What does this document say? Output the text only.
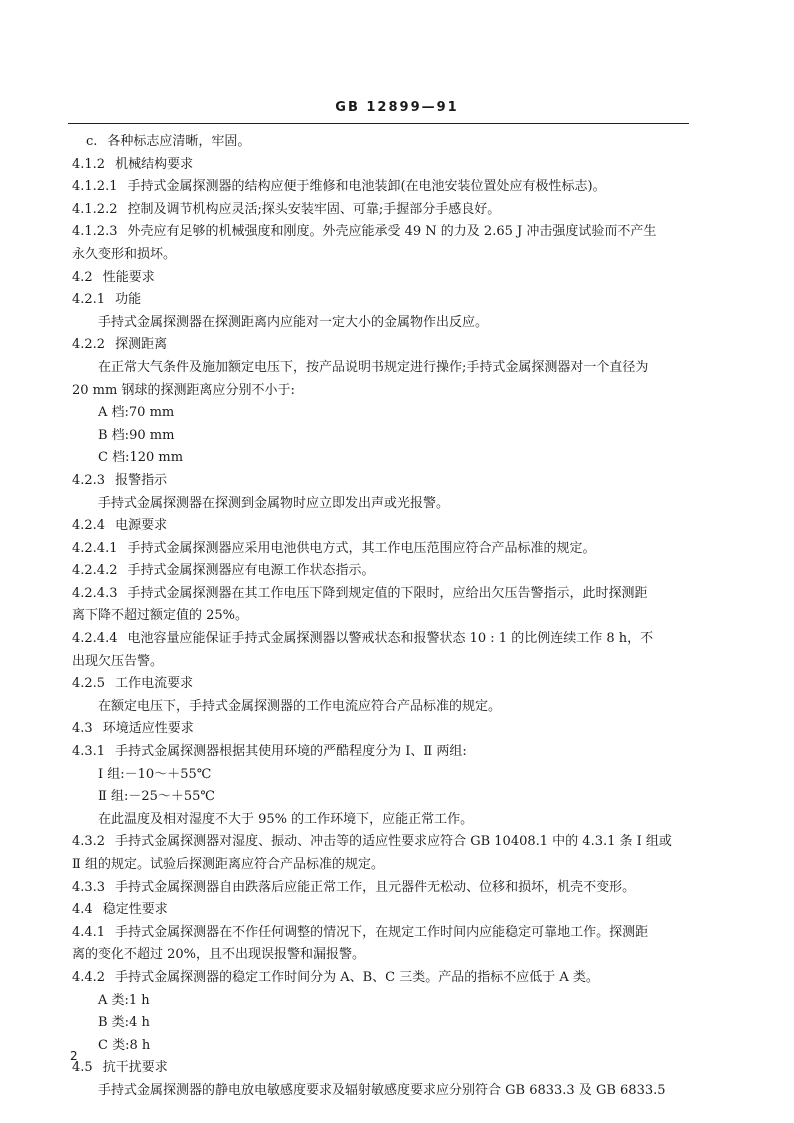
GB 12899—91
c. 各种标志应清晰，牢固。
4.1.2 机械结构要求
4.1.2.1 手持式金属探测器的结构应便于维修和电池装卸(在电池安装位置处应有极性标志)。
4.1.2.2 控制及调节机构应灵活;探头安装牢固、可靠;手握部分手感良好。
4.1.2.3 外壳应有足够的机械强度和刚度。外壳应能承受 49 N 的力及 2.65 J 冲击强度试验而不产生
永久变形和损坏。
4.2 性能要求
4.2.1 功能
手持式金属探测器在探测距离内应能对一定大小的金属物作出反应。
4.2.2 探测距离
在正常大气条件及施加额定电压下，按产品说明书规定进行操作;手持式金属探测器对一个直径为
20 mm 钢球的探测距离应分别不小于:
A 档:70 mm
B 档:90 mm
C 档:120 mm
4.2.3 报警指示
手持式金属探测器在探测到金属物时应立即发出声或光报警。
4.2.4 电源要求
4.2.4.1 手持式金属探测器应采用电池供电方式，其工作电压范围应符合产品标准的规定。
4.2.4.2 手持式金属探测器应有电源工作状态指示。
4.2.4.3 手持式金属探测器在其工作电压下降到规定值的下限时，应给出欠压告警指示，此时探测距
离下降不超过额定值的 25%。
4.2.4.4 电池容量应能保证手持式金属探测器以警戒状态和报警状态 10 : 1 的比例连续工作 8 h，不
出现欠压告警。
4.2.5 工作电流要求
在额定电压下，手持式金属探测器的工作电流应符合产品标准的规定。
4.3 环境适应性要求
4.3.1 手持式金属探测器根据其使用环境的严酷程度分为 Ⅰ、Ⅱ 两组:
Ⅰ 组:－10～＋55℃
Ⅱ 组:－25～＋55℃
在此温度及相对湿度不大于 95% 的工作环境下，应能正常工作。
4.3.2 手持式金属探测器对湿度、振动、冲击等的适应性要求应符合 GB 10408.1 中的 4.3.1 条 Ⅰ 组或
Ⅱ 组的规定。试验后探测距离应符合产品标准的规定。
4.3.3 手持式金属探测器自由跌落后应能正常工作，且元器件无松动、位移和损坏，机壳不变形。
4.4 稳定性要求
4.4.1 手持式金属探测器在不作任何调整的情况下，在规定工作时间内应能稳定可靠地工作。探测距
离的变化不超过 20%，且不出现误报警和漏报警。
4.4.2 手持式金属探测器的稳定工作时间分为 A、B、C 三类。产品的指标不应低于 A 类。
A 类:1 h
B 类:4 h
C 类:8 h
4.5 抗干扰要求
手持式金属探测器的静电放电敏感度要求及辐射敏感度要求应分别符合 GB 6833.3 及 GB 6833.5
2
